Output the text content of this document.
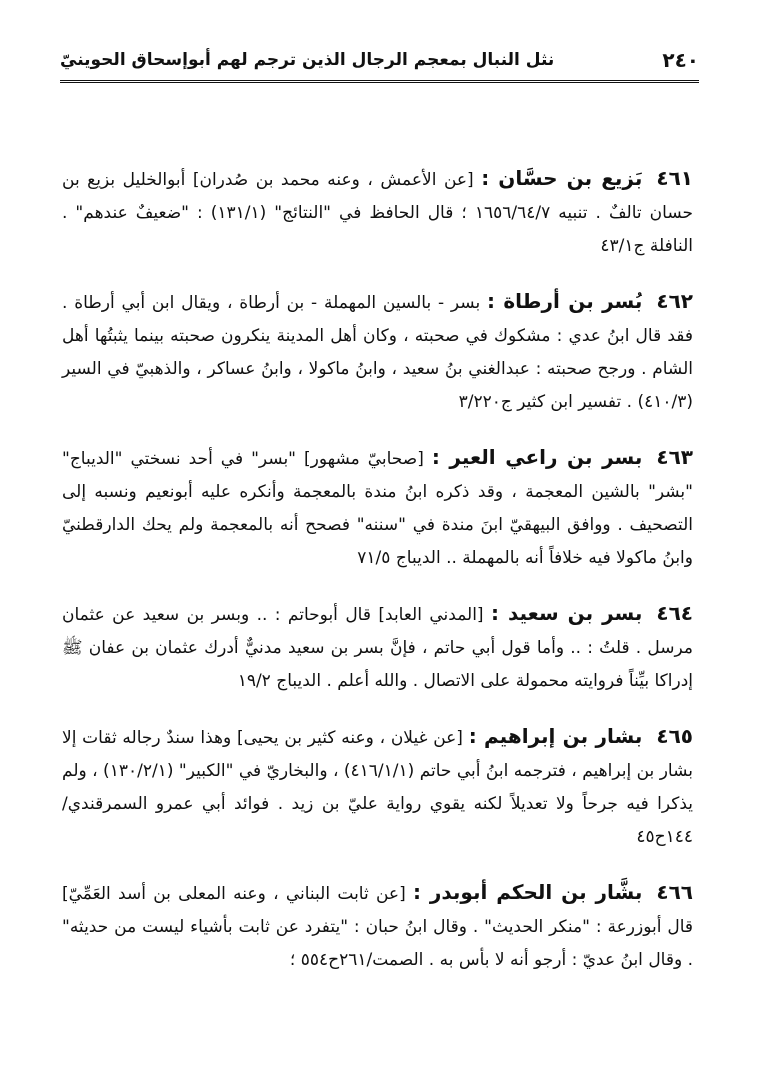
٢٤٠
نثل النبال بمعجم الرجال الذين ترجم لهم أبوإسحاق الحوينيّ

٤٦١بَزيع بن حسَّان : [عن الأعمش ، وعنه محمد بن صُدران] أبوالخليل بزيع بن حسان تالفٌ . تنبيه ١٦٥٦/٦٤/٧ ؛ قال الحافظ في "النتائج" (١٣١/١) : "ضعيفٌ عندهم" . النافلة ج٤٣/١

٤٦٢بُسر بن أرطاة : بسر - بالسين المهملة - بن أرطاة ، ويقال ابن أبي أرطاة . فقد قال ابنُ عدي : مشكوك في صحبته ، وكان أهل المدينة ينكرون صحبته بينما يثبتُها أهل الشام . ورجح صحبته : عبدالغني بنُ سعيد ، وابنُ ماكولا ، وابنُ عساكر ، والذهبيّ في السير (٤١٠/٣) . تفسير ابن كثير ج٣/٢٢٠

٤٦٣بسر بن راعي العير : [صحابيّ مشهور] "بسر" في أحد نسختي "الديباج" "بشر" بالشين المعجمة ، وقد ذكره ابنُ مندة بالمعجمة وأنكره عليه أبونعيم ونسبه إلى التصحيف . ووافق البيهقيّ ابنَ مندة في "سننه" فصحح أنه بالمعجمة ولم يحك الدارقطنيّ وابنُ ماكولا فيه خلافاً أنه بالمهملة .. الديباج ٧١/٥

٤٦٤بسر بن سعيد : [المدني العابد] قال أبوحاتم : .. وبسر بن سعيد عن عثمان مرسل . قلتُ : .. وأما قول أبي حاتم ، فإنَّ بسر بن سعيد مدنيٌّ أدرك عثمان بن عفان ﷺ إدراكا بيِّناً فروايته محمولة على الاتصال . والله أعلم . الديباج ١٩/٢

٤٦٥بشار بن إبراهيم : [عن غيلان ، وعنه كثير بن يحيى] وهذا سندٌ رجاله ثقات إلا بشار بن إبراهيم ، فترجمه ابنُ أبي حاتم (٤١٦/١/١) ، والبخاريّ في "الكبير" (١٣٠/٢/١) ، ولم يذكرا فيه جرحاً ولا تعديلاً لكنه يقوي رواية عليّ بن زيد . فوائد أبي عمرو السمرقندي/١٤٤ح٤٥

٤٦٦بشَّار بن الحكم أبوبدر : [عن ثابت البناني ، وعنه المعلى بن أسد العَمِّيّ] قال أبوزرعة : "منكر الحديث" . وقال ابنُ حبان : "يتفرد عن ثابت بأشياء ليست من حديثه" . وقال ابنُ عديّ : أرجو أنه لا بأس به . الصمت/٢٦١ح٥٥٤ ؛
